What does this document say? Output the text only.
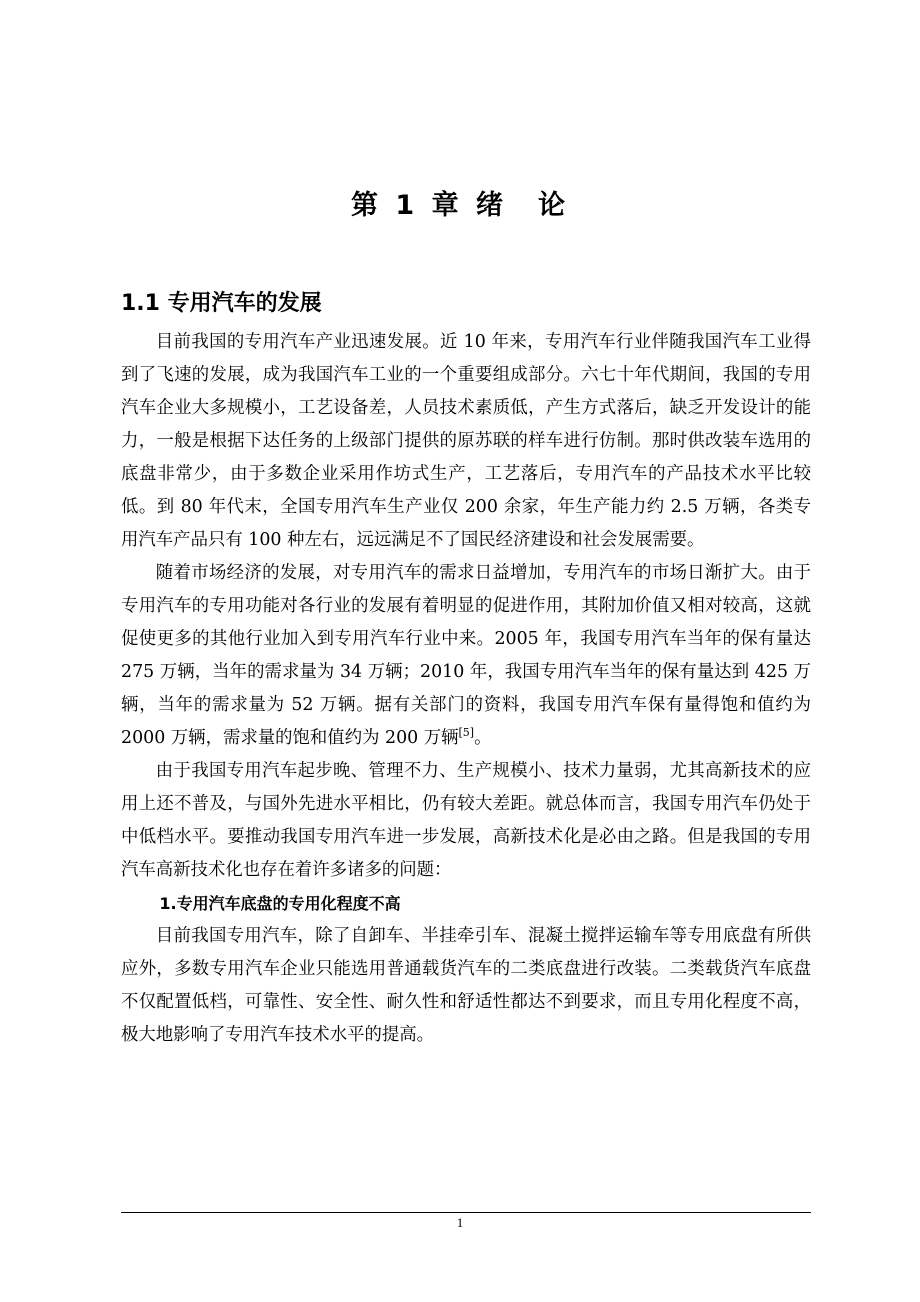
第 1 章 绪　论
1.1 专用汽车的发展

目前我国的专用汽车产业迅速发展。近 10 年来，专用汽车行业伴随我国汽车工业得到了飞速的发展，成为我国汽车工业的一个重要组成部分。六七十年代期间，我国的专用汽车企业大多规模小，工艺设备差，人员技术素质低，产生方式落后，缺乏开发设计的能力，一般是根据下达任务的上级部门提供的原苏联的样车进行仿制。那时供改装车选用的底盘非常少，由于多数企业采用作坊式生产，工艺落后，专用汽车的产品技术水平比较低。到 80 年代末，全国专用汽车生产业仅 200 余家，年生产能力约 2.5 万辆，各类专用汽车产品只有 100 种左右，远远满足不了国民经济建设和社会发展需要。

随着市场经济的发展，对专用汽车的需求日益增加，专用汽车的市场日渐扩大。由于专用汽车的专用功能对各行业的发展有着明显的促进作用，其附加价值又相对较高，这就促使更多的其他行业加入到专用汽车行业中来。2005 年，我国专用汽车当年的保有量达 275 万辆，当年的需求量为 34 万辆；2010 年，我国专用汽车当年的保有量达到 425 万辆，当年的需求量为 52 万辆。据有关部门的资料，我国专用汽车保有量得饱和值约为 2000 万辆，需求量的饱和值约为 200 万辆[5]。

由于我国专用汽车起步晚、管理不力、生产规模小、技术力量弱，尤其高新技术的应用上还不普及，与国外先进水平相比，仍有较大差距。就总体而言，我国专用汽车仍处于中低档水平。要推动我国专用汽车进一步发展，高新技术化是必由之路。但是我国的专用汽车高新技术化也存在着许多诸多的问题：

1.专用汽车底盘的专用化程度不高

目前我国专用汽车，除了自卸车、半挂牵引车、混凝土搅拌运输车等专用底盘有所供应外，多数专用汽车企业只能选用普通载货汽车的二类底盘进行改装。二类载货汽车底盘不仅配置低档，可靠性、安全性、耐久性和舒适性都达不到要求，而且专用化程度不高，极大地影响了专用汽车技术水平的提高。

1
